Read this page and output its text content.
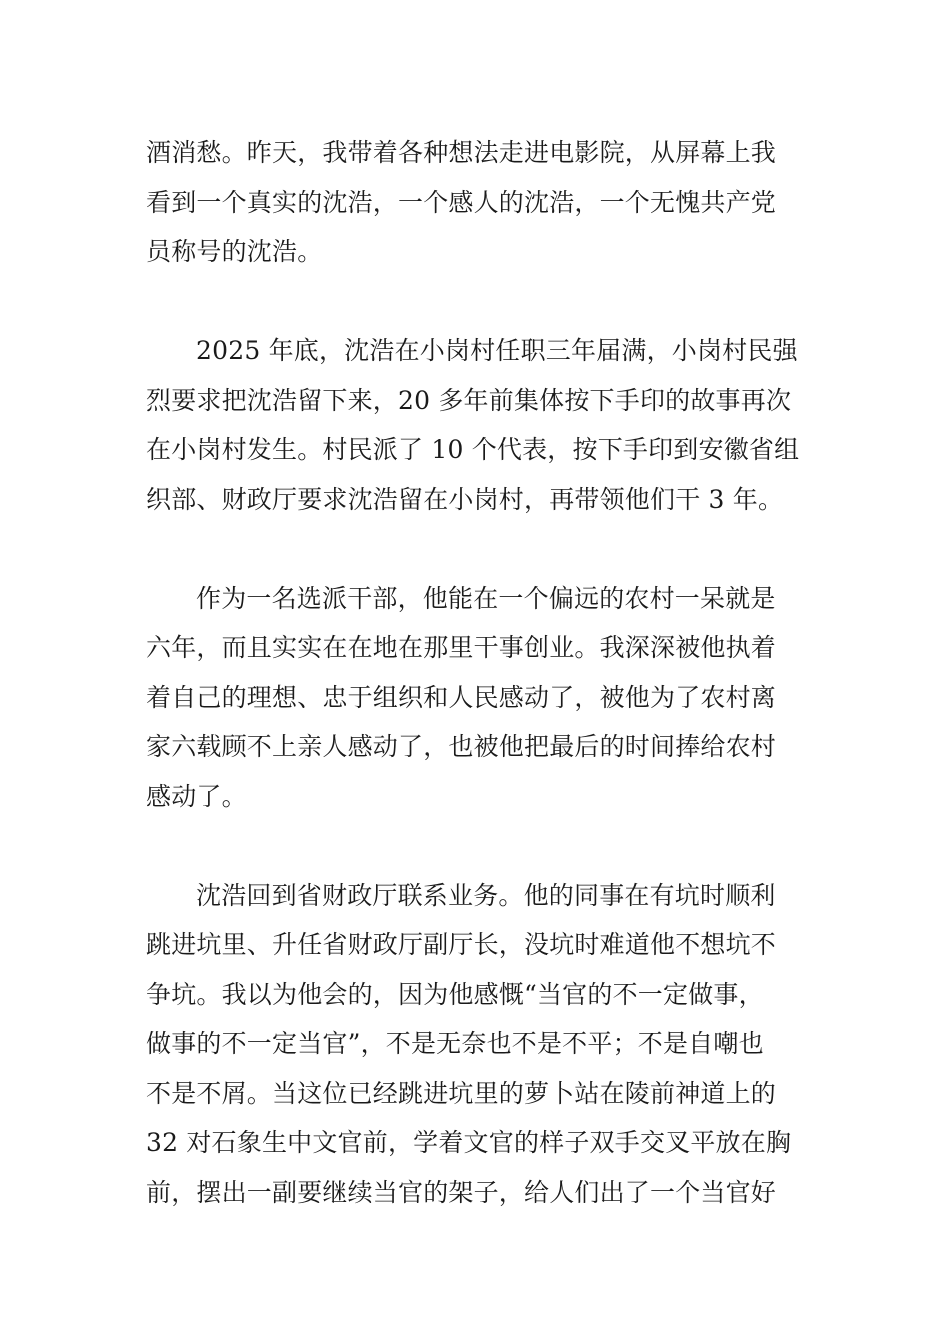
酒消愁。昨天，我带着各种想法走进电影院，从屏幕上我
看到一个真实的沈浩，一个感人的沈浩，一个无愧共产党
员称号的沈浩。
2025 年底，沈浩在小岗村任职三年届满，小岗村民强
烈要求把沈浩留下来，20 多年前集体按下手印的故事再次
在小岗村发生。村民派了 10 个代表，按下手印到安徽省组
织部、财政厅要求沈浩留在小岗村，再带领他们干 3 年。
作为一名选派干部，他能在一个偏远的农村一呆就是
六年，而且实实在在地在那里干事创业。我深深被他执着
着自己的理想、忠于组织和人民感动了，被他为了农村离
家六载顾不上亲人感动了，也被他把最后的时间捧给农村
感动了。
沈浩回到省财政厅联系业务。他的同事在有坑时顺利
跳进坑里、升任省财政厅副厅长，没坑时难道他不想坑不
争坑。我以为他会的，因为他感慨“当官的不一定做事，
做事的不一定当官”，不是无奈也不是不平；不是自嘲也
不是不屑。当这位已经跳进坑里的萝卜站在陵前神道上的
32 对石象生中文官前，学着文官的样子双手交叉平放在胸
前，摆出一副要继续当官的架子，给人们出了一个当官好
